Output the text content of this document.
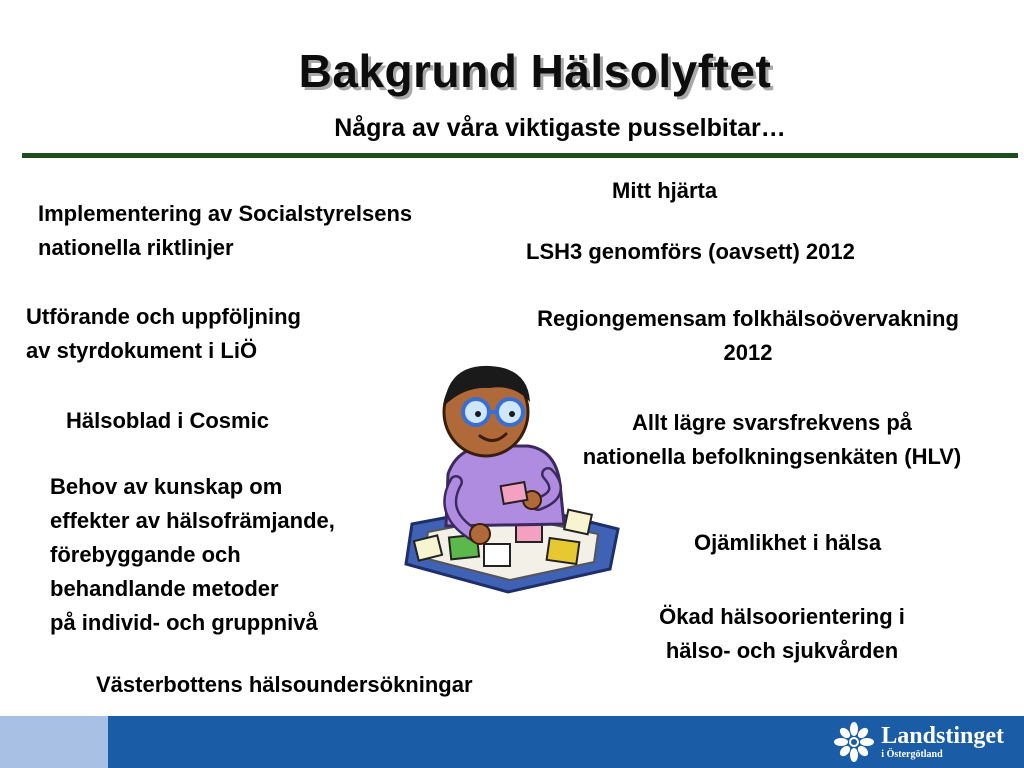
Bakgrund Hälsolyftet
Några av våra viktigaste pusselbitar…
Implementering av Socialstyrelsens
nationella riktlinjer
Utförande och uppföljning
av styrdokument i LiÖ
Hälsoblad i Cosmic
Behov av kunskap om
effekter av hälsofrämjande,
förebyggande och
behandlande metoder
på individ- och gruppnivå
Västerbottens hälsoundersökningar
Mitt hjärta
LSH3 genomförs (oavsett) 2012
Regiongemensam folkhälsoövervakning
2012
Allt lägre svarsfrekvens på
nationella befolkningsenkäten (HLV)
Ojämlikhet i hälsa
Ökad hälsoorientering i
hälso- och sjukvården
Landstinget
i Östergötland
